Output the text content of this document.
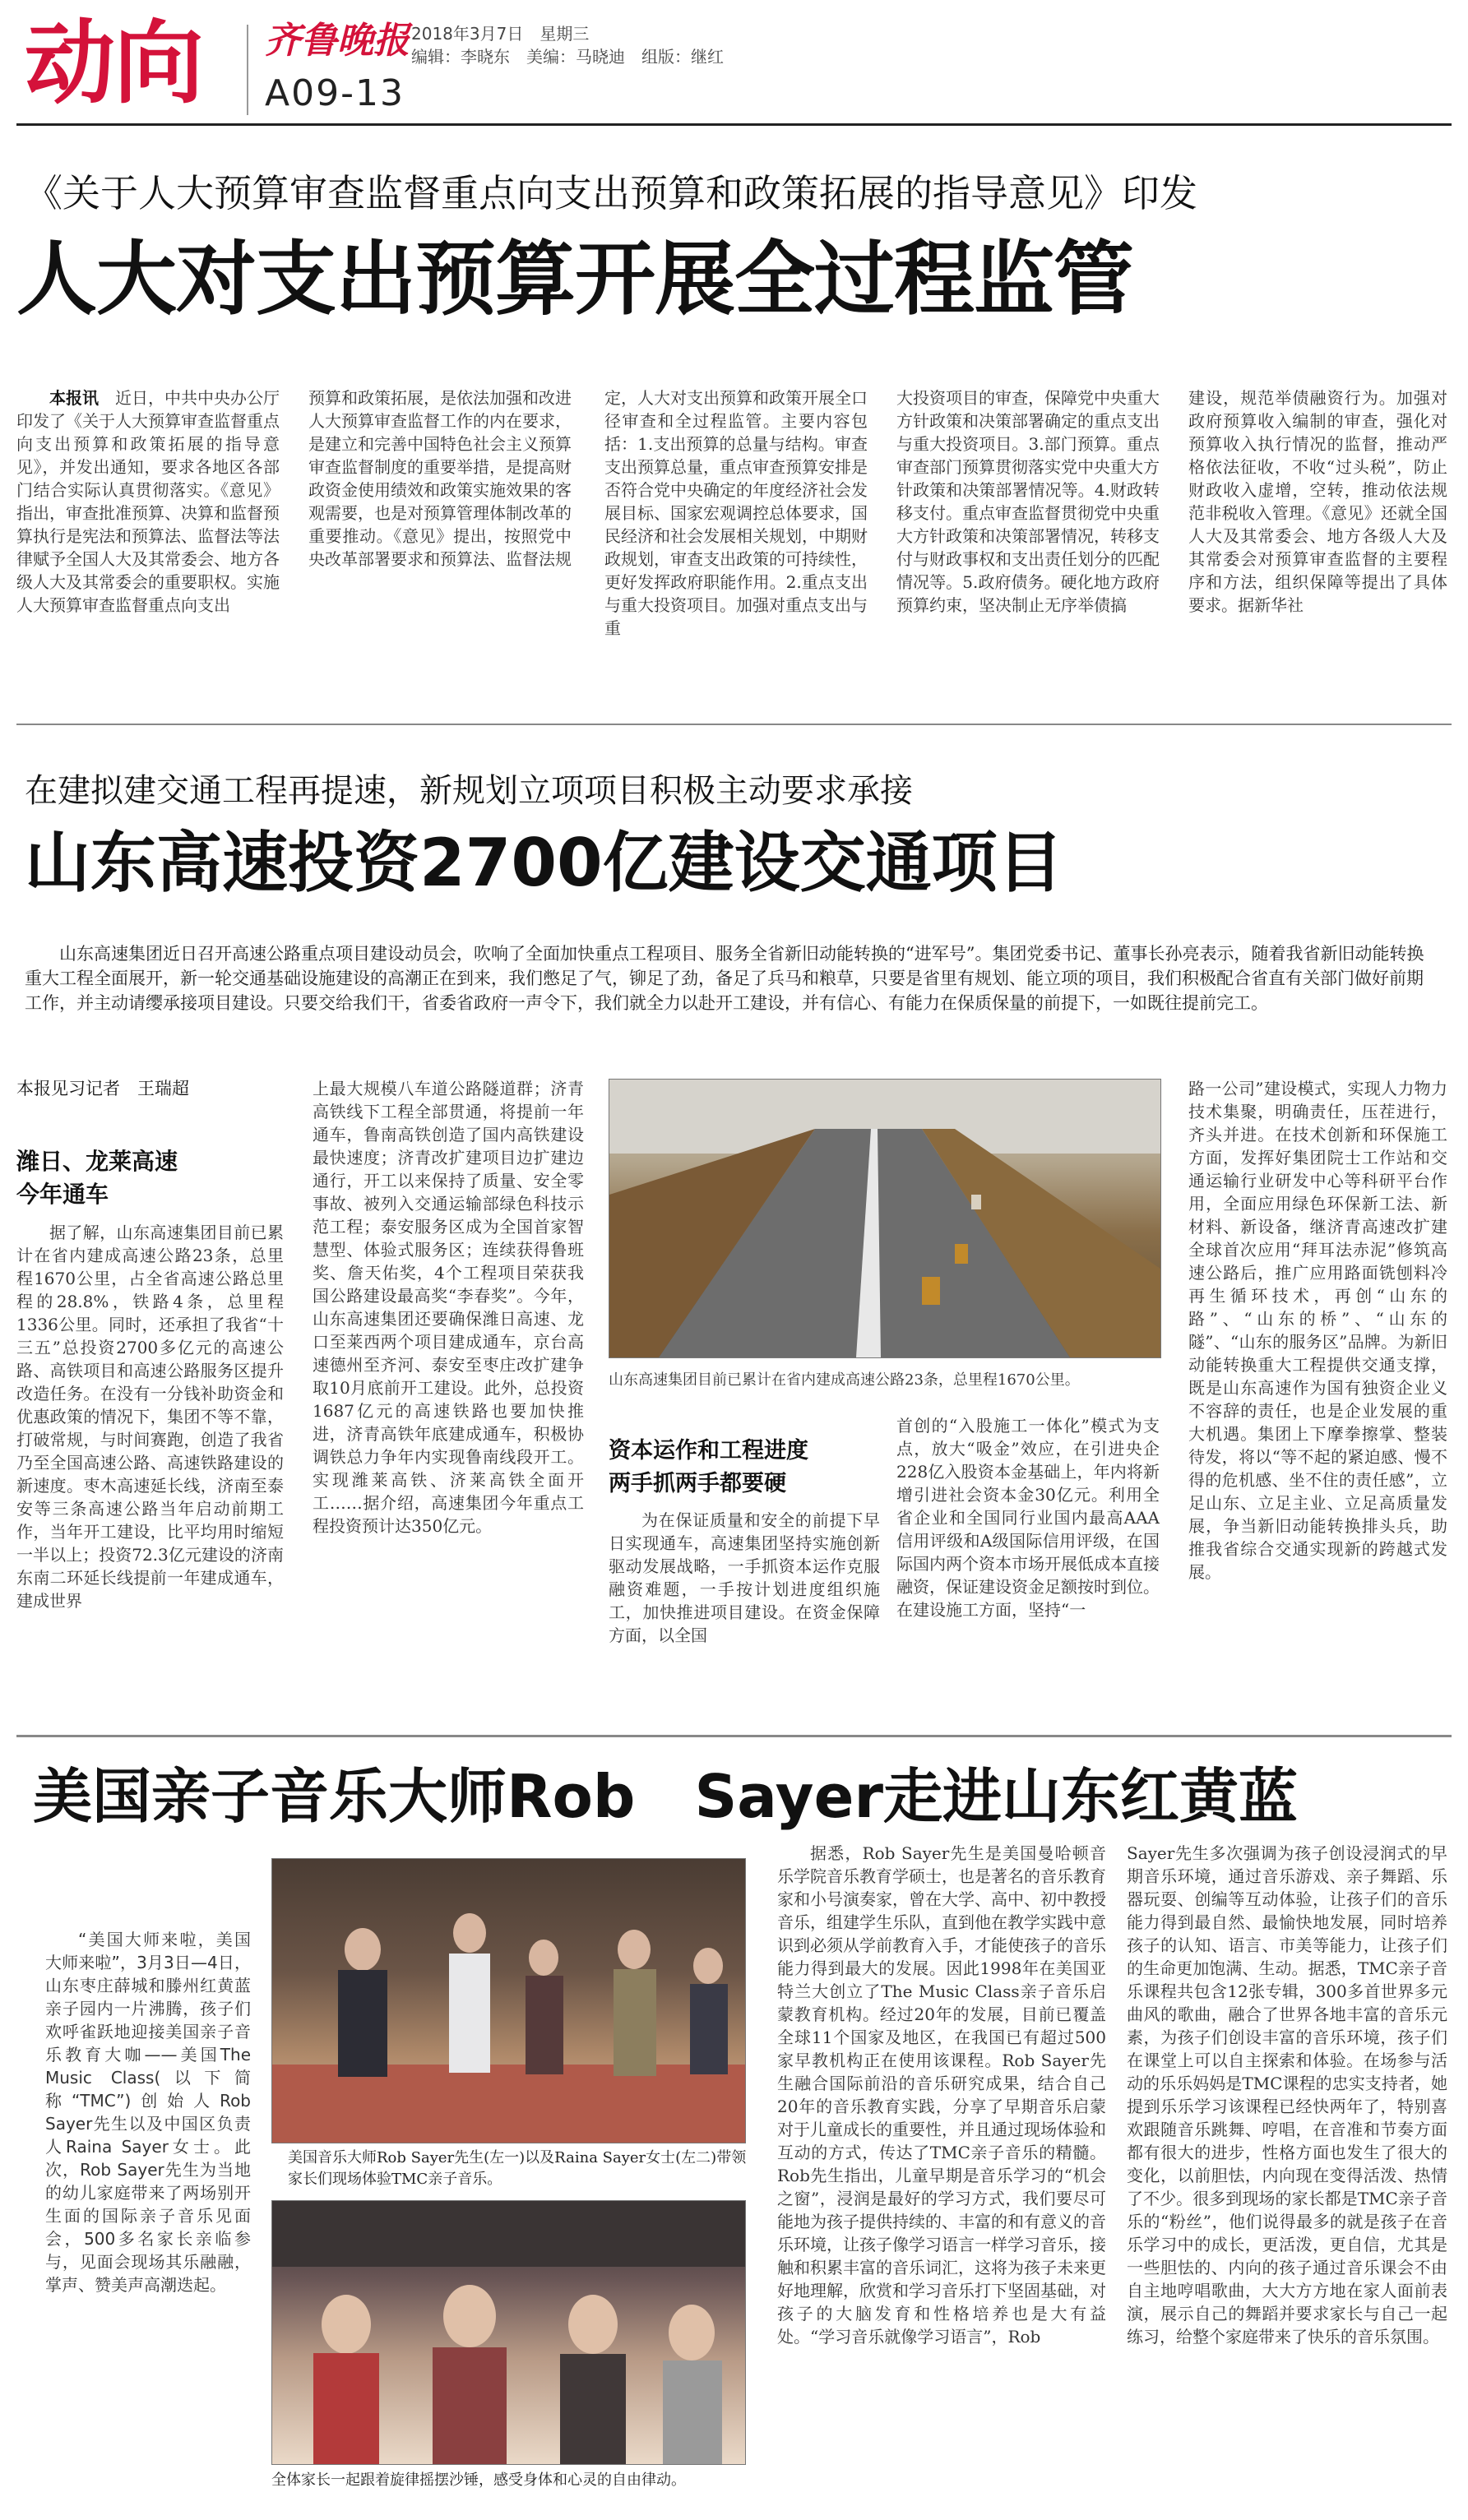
动向 齐鲁晚报
A09-13
2018年3月7日　星期三
编辑：李晓东　美编：马晓迪　组版：继红
《关于人大预算审查监督重点向支出预算和政策拓展的指导意见》印发
人大对支出预算开展全过程监管

本报讯　 近日，中共中央办公厅印发了《关于人大预算审查监督重点向支出预算和政策拓展的指导意见》，并发出通知，要求各地区各部门结合实际认真贯彻落实。《意见》指出，审查批准预算、决算和监督预算执行是宪法和预算法、监督法等法律赋予全国人大及其常委会、地方各级人大及其常委会的重要职权。实施人大预算审查监督重点向支出

预算和政策拓展，是依法加强和改进人大预算审查监督工作的内在要求，是建立和完善中国特色社会主义预算审查监督制度的重要举措，是提高财政资金使用绩效和政策实施效果的客观需要，也是对预算管理体制改革的重要推动。《意见》提出，按照党中央改革部署要求和预算法、监督法规

定，人大对支出预算和政策开展全口径审查和全过程监管。主要内容包括：1.支出预算的总量与结构。审查支出预算总量，重点审查预算安排是否符合党中央确定的年度经济社会发展目标、国家宏观调控总体要求，国民经济和社会发展相关规划，中期财政规划，审查支出政策的可持续性，更好发挥政府职能作用。2.重点支出与重大投资项目。加强对重点支出与重

大投资项目的审查，保障党中央重大方针政策和决策部署确定的重点支出与重大投资项目。3.部门预算。重点审查部门预算贯彻落实党中央重大方针政策和决策部署情况等。4.财政转移支付。重点审查监督贯彻党中央重大方针政策和决策部署情况，转移支付与财政事权和支出责任划分的匹配情况等。5.政府债务。硬化地方政府预算约束，坚决制止无序举债搞

建设，规范举债融资行为。加强对政府预算收入编制的审查，强化对预算收入执行情况的监督，推动严格依法征收，不收“过头税”，防止财政收入虚增，空转，推动依法规范非税收入管理。《意见》还就全国人大及其常委会、地方各级人大及其常委会对预算审查监督的主要程序和方法，组织保障等提出了具体要求。据新华社

在建拟建交通工程再提速，新规划立项项目积极主动要求承接
山东高速投资2700亿建设交通项目
山东高速集团近日召开高速公路重点项目建设动员会，吹响了全面加快重点工程项目、服务全省新旧动能转换的“进军号”。集团党委书记、董事长孙亮表示，随着我省新旧动能转换重大工程全面展开，新一轮交通基础设施建设的高潮正在到来，我们憋足了气，铆足了劲，备足了兵马和粮草，只要是省里有规划、能立项的项目，我们积极配合省直有关部门做好前期工作，并主动请缨承接项目建设。只要交给我们干，省委省政府一声令下，我们就全力以赴开工建设，并有信心、有能力在保质保量的前提下，一如既往提前完工。
本报见习记者　王瑞超
潍日、龙莱高速
今年通车
据了解，山东高速集团目前已累计在省内建成高速公路23条，总里程1670公里，占全省高速公路总里程的28.8%，铁路4条，总里程1336公里。同时，还承担了我省“十三五”总投资2700多亿元的高速公路、高铁项目和高速公路服务区提升改造任务。在没有一分钱补助资金和优惠政策的情况下，集团不等不靠，打破常规，与时间赛跑，创造了我省乃至全国高速公路、高速铁路建设的新速度。枣木高速延长线，济南至泰安等三条高速公路当年启动前期工作，当年开工建设，比平均用时缩短一半以上；投资72.3亿元建设的济南东南二环延长线提前一年建成通车，建成世界
上最大规模八车道公路隧道群；济青高铁线下工程全部贯通，将提前一年通车，鲁南高铁创造了国内高铁建设最快速度；济青改扩建项目边扩建边通行，开工以来保持了质量、安全零事故、被列入交通运输部绿色科技示范工程；泰安服务区成为全国首家智慧型、体验式服务区；连续获得鲁班奖、詹天佑奖，4个工程项目荣获我国公路建设最高奖“李春奖”。今年，山东高速集团还要确保潍日高速、龙口至莱西两个项目建成通车，京台高速德州至齐河、泰安至枣庄改扩建争取10月底前开工建设。此外，总投资1687亿元的高速铁路也要加快推进，济青高铁年底建成通车，积极协调铁总力争年内实现鲁南线段开工。实现潍莱高铁、济莱高铁全面开工……据介绍，高速集团今年重点工程投资预计达350亿元。
山东高速集团目前已累计在省内建成高速公路23条，总里程1670公里。
资本运作和工程进度
两手抓两手都要硬
为在保证质量和安全的前提下早日实现通车，高速集团坚持实施创新驱动发展战略，一手抓资本运作克服融资难题，一手按计划进度组织施工，加快推进项目建设。在资金保障方面，以全国
首创的“入股施工一体化”模式为支点，放大“吸金”效应，在引进央企228亿入股资本金基础上，年内将新增引进社会资本金30亿元。利用全省企业和全国同行业国内最高AAA信用评级和A级国际信用评级，在国际国内两个资本市场开展低成本直接融资，保证建设资金足额按时到位。在建设施工方面，坚持“一
路一公司”建设模式，实现人力物力技术集聚，明确责任，压茬进行，齐头并进。在技术创新和环保施工方面，发挥好集团院士工作站和交通运输行业研发中心等科研平台作用，全面应用绿色环保新工法、新材料、新设备，继济青高速改扩建全球首次应用“拜耳法赤泥”修筑高速公路后，推广应用路面铣刨料冷再生循环技术，再创“山东的路”、“山东的桥”、“山东的隧”、“山东的服务区”品牌。为新旧动能转换重大工程提供交通支撑，既是山东高速作为国有独资企业义不容辞的责任，也是企业发展的重大机遇。集团上下摩拳擦掌、整装待发，将以“等不起的紧迫感、慢不得的危机感、坐不住的责任感”，立足山东、立足主业、立足高质量发展，争当新旧动能转换排头兵，助推我省综合交通实现新的跨越式发展。
美国亲子音乐大师Rob　Sayer走进山东红黄蓝
“美国大师来啦，美国大师来啦”，3月3日—4日，山东枣庄薛城和滕州红黄蓝亲子园内一片沸腾，孩子们欢呼雀跃地迎接美国亲子音乐教育大咖——美国The Music Class(以下简称“TMC”)创始人Rob Sayer先生以及中国区负责人Raina Sayer女士。此次，Rob Sayer先生为当地的幼儿家庭带来了两场别开生面的国际亲子音乐见面会，500多名家长亲临参与，见面会现场其乐融融，掌声、赞美声高潮迭起。
美国音乐大师Rob Sayer先生(左一)以及Raina Sayer女士(左二)带领家长们现场体验TMC亲子音乐。
全体家长一起跟着旋律摇摆沙锤，感受身体和心灵的自由律动。
据悉，Rob Sayer先生是美国曼哈顿音乐学院音乐教育学硕士，也是著名的音乐教育家和小号演奏家，曾在大学、高中、初中教授音乐，组建学生乐队，直到他在教学实践中意识到必须从学前教育入手，才能使孩子的音乐能力得到最大的发展。因此1998年在美国亚特兰大创立了The Music Class亲子音乐启蒙教育机构。经过20年的发展，目前已覆盖全球11个国家及地区，在我国已有超过500家早教机构正在使用该课程。Rob Sayer先生融合国际前沿的音乐研究成果，结合自己20年的音乐教育实践，分享了早期音乐启蒙对于儿童成长的重要性，并且通过现场体验和互动的方式，传达了TMC亲子音乐的精髓。Rob先生指出，儿童早期是音乐学习的“机会之窗”，浸润是最好的学习方式，我们要尽可能地为孩子提供持续的、丰富的和有意义的音乐环境，让孩子像学习语言一样学习音乐，接触和积累丰富的音乐词汇，这将为孩子未来更好地理解，欣赏和学习音乐打下坚固基础，对孩子的大脑发育和性格培养也是大有益处。“学习音乐就像学习语言”，Rob
Sayer先生多次强调为孩子创设浸润式的早期音乐环境，通过音乐游戏、亲子舞蹈、乐器玩耍、创编等互动体验，让孩子们的音乐能力得到最自然、最愉快地发展，同时培养孩子的认知、语言、市美等能力，让孩子们的生命更加饱满、生动。据悉，TMC亲子音乐课程共包含12张专辑，300多首世界多元曲风的歌曲，融合了世界各地丰富的音乐元素，为孩子们创设丰富的音乐环境，孩子们在课堂上可以自主探索和体验。在场参与活动的乐乐妈妈是TMC课程的忠实支持者，她提到乐乐学习该课程已经快两年了，特别喜欢跟随音乐跳舞、哼唱，在音准和节奏方面都有很大的进步，性格方面也发生了很大的变化，以前胆怯，内向现在变得活泼、热情了不少。很多到现场的家长都是TMC亲子音乐的“粉丝”，他们说得最多的就是孩子在音乐学习中的成长，更活泼，更自信，尤其是一些胆怯的、内向的孩子通过音乐课会不由自主地哼唱歌曲，大大方方地在家人面前表演，展示自己的舞蹈并要求家长与自己一起练习，给整个家庭带来了快乐的音乐氛围。
